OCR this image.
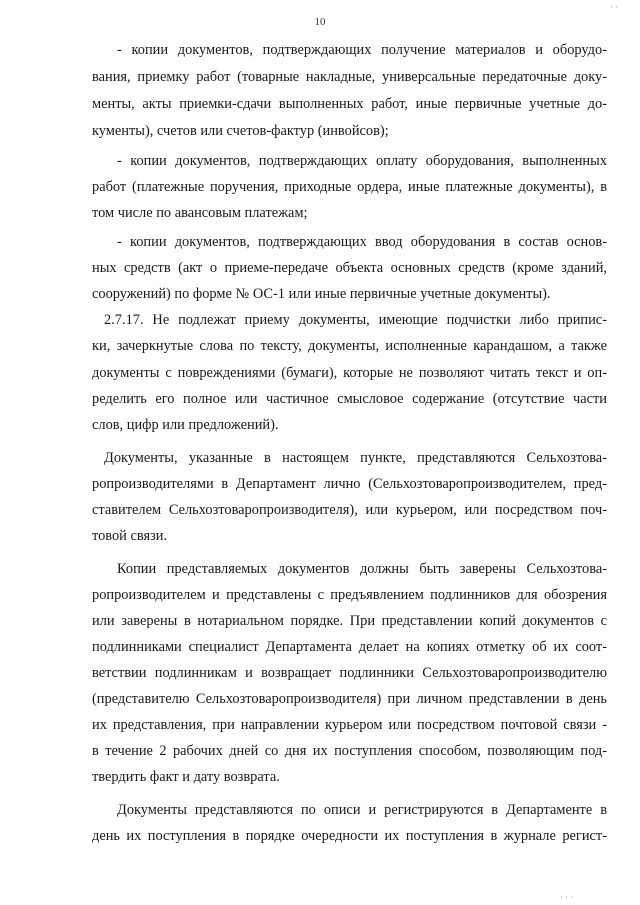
10
- копии документов, подтверждающих получение материалов и оборудо-
вания, приемку работ (товарные накладные, универсальные передаточные доку-
менты, акты приемки-сдачи выполненных работ, иные первичные учетные до-
кументы), счетов или счетов-фактур (инвойсов);
- копии документов, подтверждающих оплату оборудования, выполненных
работ (платежные поручения, приходные ордера, иные платежные документы), в
том числе по авансовым платежам;
- копии документов, подтверждающих ввод оборудования в состав основ-
ных средств (акт о приеме-передаче объекта основных средств (кроме зданий,
сооружений) по форме № ОС-1 или иные первичные учетные документы).
2.7.17. Не подлежат приему документы, имеющие подчистки либо припис-
ки, зачеркнутые слова по тексту, документы, исполненные карандашом, а также
документы с повреждениями (бумаги), которые не позволяют читать текст и оп-
ределить его полное или частичное смысловое содержание (отсутствие части
слов, цифр или предложений).
Документы, указанные в настоящем пункте, представляются Сельхозтова-
ропроизводителями в Департамент лично (Сельхозтоваропроизводителем, пред-
ставителем Сельхозтоваропроизводителя), или курьером, или посредством поч-
товой связи.
Копии представляемых документов должны быть заверены Сельхозтова-
ропроизводителем и представлены с предъявлением подлинников для обозрения
или заверены в нотариальном порядке. При представлении копий документов с
подлинниками специалист Департамента делает на копиях отметку об их соот-
ветствии подлинникам и возвращает подлинники Сельхозтоваропроизводителю
(представителю Сельхозтоваропроизводителя) при личном представлении в день
их представления, при направлении курьером или посредством почтовой связи -
в течение 2 рабочих дней со дня их поступления способом, позволяющим под-
твердить факт и дату возврата.
Документы представляются по описи и регистрируются в Департаменте в
день их поступления в порядке очередности их поступления в журнале регист-
· ·
· · ·
